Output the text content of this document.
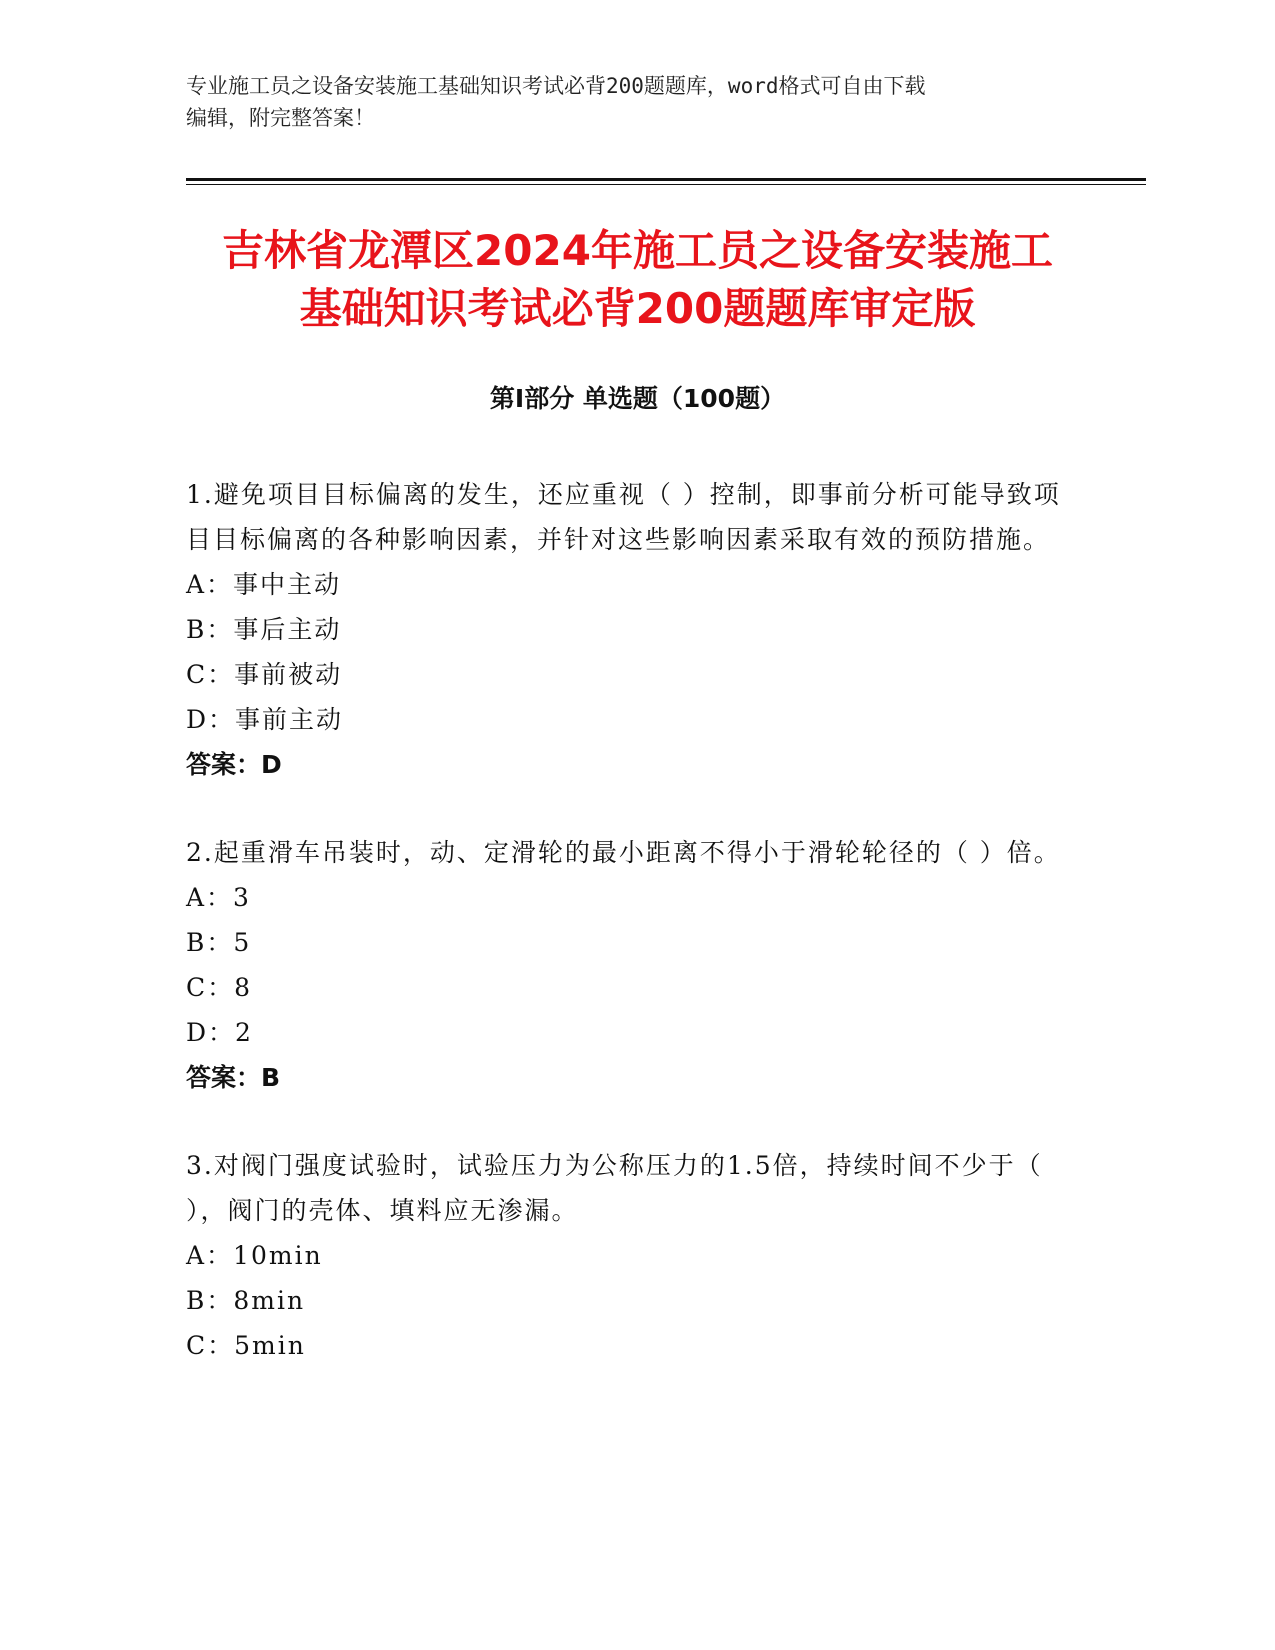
专业施工员之设备安装施工基础知识考试必背200题题库，word格式可自由下载
编辑，附完整答案！
吉林省龙潭区2024年施工员之设备安装施工
基础知识考试必背200题题库审定版
第Ⅰ部分 单选题（100题）
1.避免项目目标偏离的发生，还应重视（ ）控制，即事前分析可能导致项目目标偏离的各种影响因素，并针对这些影响因素采取有效的预防措施。
A：事中主动
B：事后主动
C：事前被动
D：事前主动
答案：D
2.起重滑车吊装时，动、定滑轮的最小距离不得小于滑轮轮径的（ ）倍。
A：3
B：5
C：8
D：2
答案：B
3.对阀门强度试验时，试验压力为公称压力的1.5倍，持续时间不少于（ ），阀门的壳体、填料应无渗漏。
A：10min
B：8min
C：5min
